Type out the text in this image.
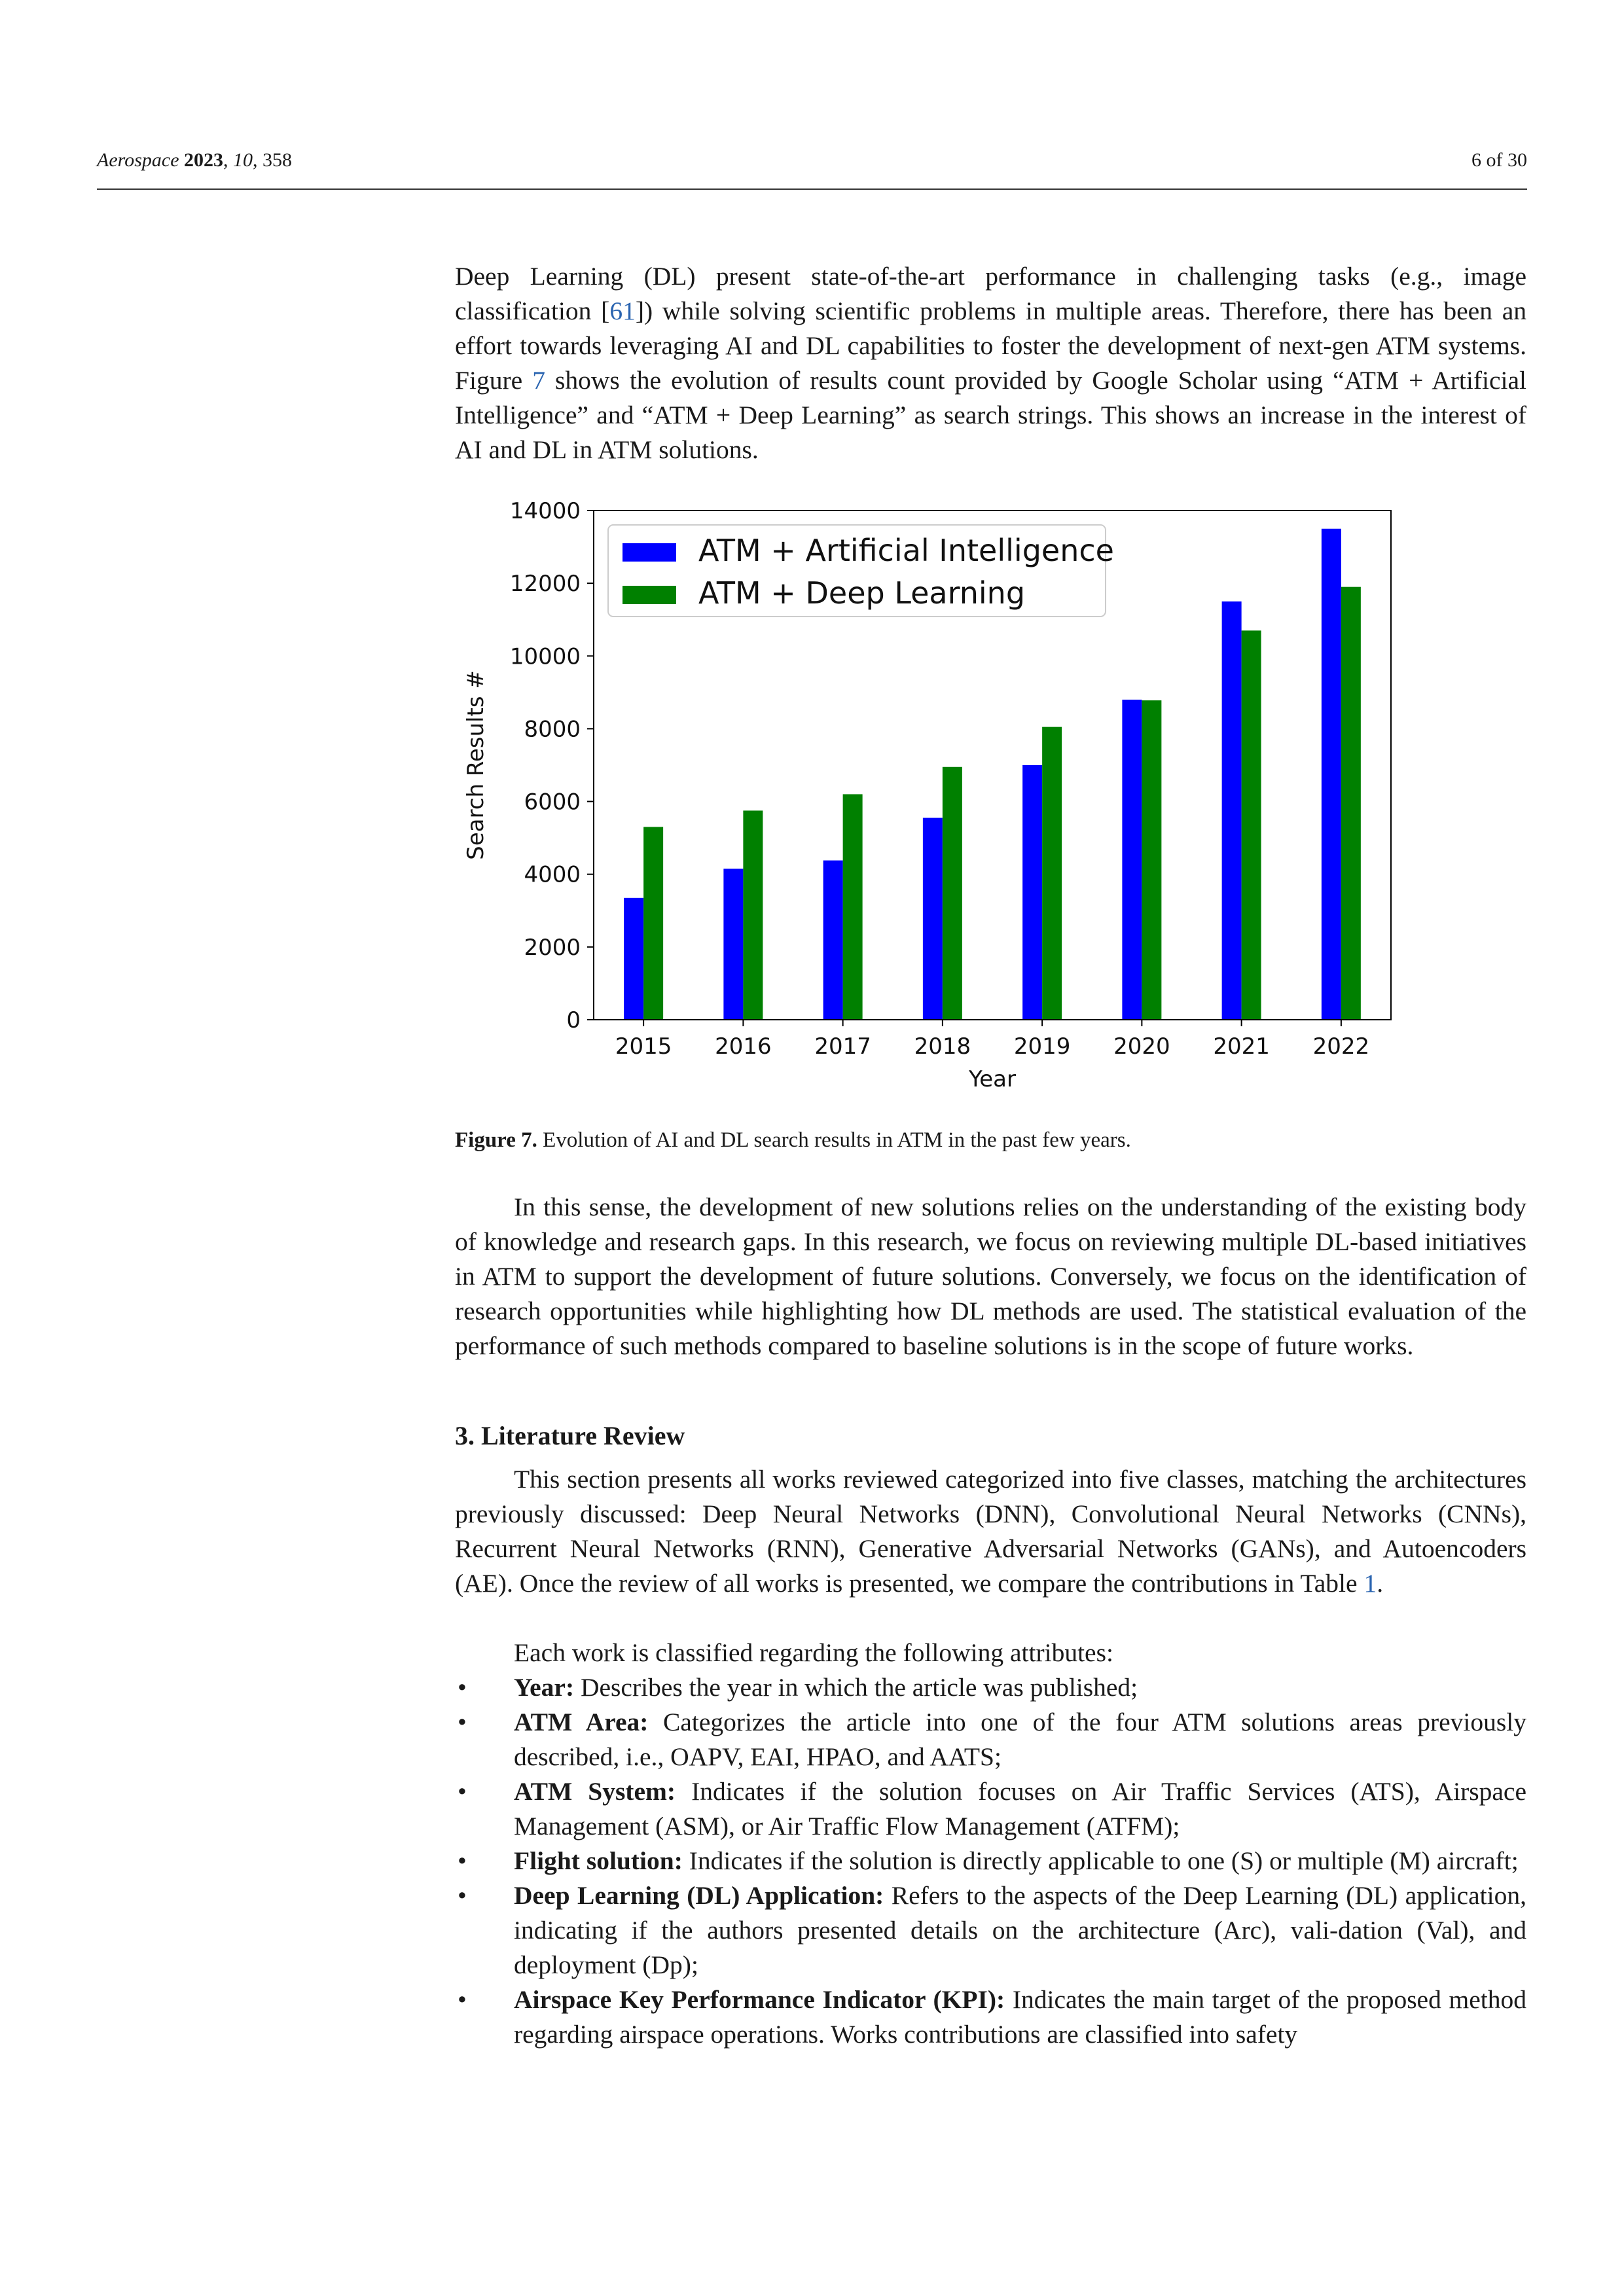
Aerospace 2023, 10, 358	6 of 30

Deep Learning (DL) present state-of-the-art performance in challenging tasks (e.g., image classification [61]) while solving scientific problems in multiple areas. Therefore, there has been an effort towards leveraging AI and DL capabilities to foster the development of next-gen ATM systems. Figure 7 shows the evolution of results count provided by Google Scholar using “ATM + Artificial Intelligence” and “ATM + Deep Learning” as search strings. This shows an increase in the interest of AI and DL in ATM solutions.

0
2000
4000
6000
8000
10000
12000
14000
2015 2016 2017 2018 2019 2020 2021 2022
Year
Search Results #
ATM + Artificial Intelligence
ATM + Deep Learning
Figure 7. Evolution of AI and DL search results in ATM in the past few years.

In this sense, the development of new solutions relies on the understanding of the existing body of knowledge and research gaps. In this research, we focus on reviewing multiple DL-based initiatives in ATM to support the development of future solutions. Conversely, we focus on the identification of research opportunities while highlighting how DL methods are used. The statistical evaluation of the performance of such methods compared to baseline solutions is in the scope of future works.

3. Literature Review

This section presents all works reviewed categorized into five classes, matching the architectures previously discussed: Deep Neural Networks (DNN), Convolutional Neural Networks (CNNs), Recurrent Neural Networks (RNN), Generative Adversarial Networks (GANs), and Autoencoders (AE). Once the review of all works is presented, we compare the contributions in Table 1.

Each work is classified regarding the following attributes:

• Year: Describes the year in which the article was published;
• ATM Area: Categorizes the article into one of the four ATM solutions areas previously described, i.e., OAPV, EAI, HPAO, and AATS;
• ATM System: Indicates if the solution focuses on Air Traffic Services (ATS), Airspace Management (ASM), or Air Traffic Flow Management (ATFM);
• Flight solution: Indicates if the solution is directly applicable to one (S) or multiple (M) aircraft;
• Deep Learning (DL) Application: Refers to the aspects of the Deep Learning (DL) application, indicating if the authors presented details on the architecture (Arc), vali-dation (Val), and deployment (Dp);
• Airspace Key Performance Indicator (KPI): Indicates the main target of the proposed method regarding airspace operations. Works contributions are classified into safety
